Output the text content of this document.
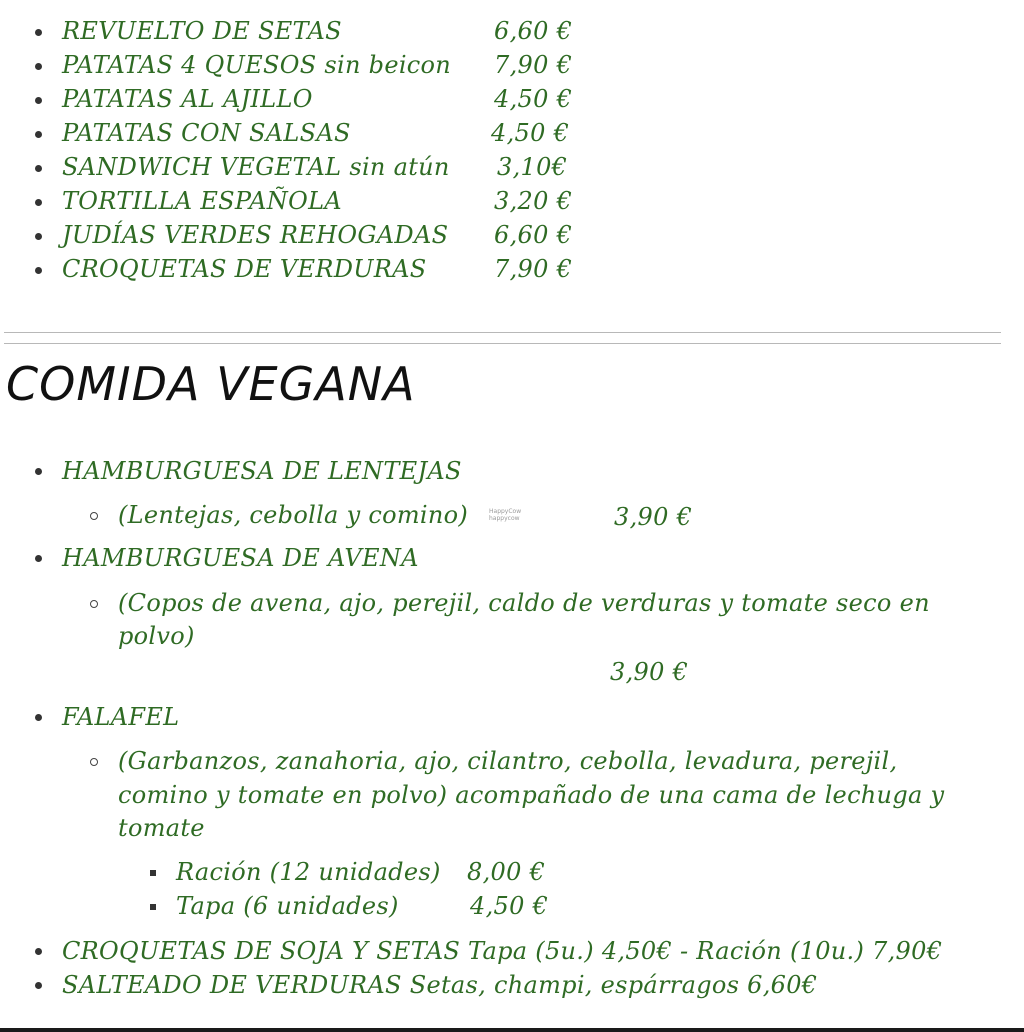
REVUELTO DE SETAS	6,60 €
PATATAS 4 QUESOS sin beicon 7,90 €
PATATAS AL AJILLO	4,50 €
PATATAS CON SALSAS	4,50 €
SANDWICH VEGETAL sin atún 3,10€
TORTILLA ESPAÑOLA	3,20 €
JUDÍAS VERDES REHOGADAS 6,60 €
CROQUETAS DE VERDURAS	7,90 €
COMIDA VEGANA
HAMBURGUESA DE LENTEJAS
(Lentejas, cebolla y comino)	HappyCow
happycow	3,90 €
HAMBURGUESA DE AVENA
(Copos de avena, ajo, perejil, caldo de verduras y tomate seco en
polvo)
3,90 €
FALAFEL
(Garbanzos, zanahoria, ajo, cilantro, cebolla, levadura, perejil,
comino y tomate en polvo) acompañado de una cama de lechuga y
tomate
Ración (12 unidades) 8,00 €
Tapa (6 unidades)	4,50 €
CROQUETAS DE SOJA Y SETAS Tapa (5u.) 4,50€ - Ración (10u.) 7,90€
SALTEADO DE VERDURAS Setas, champi, espárragos 6,60€
